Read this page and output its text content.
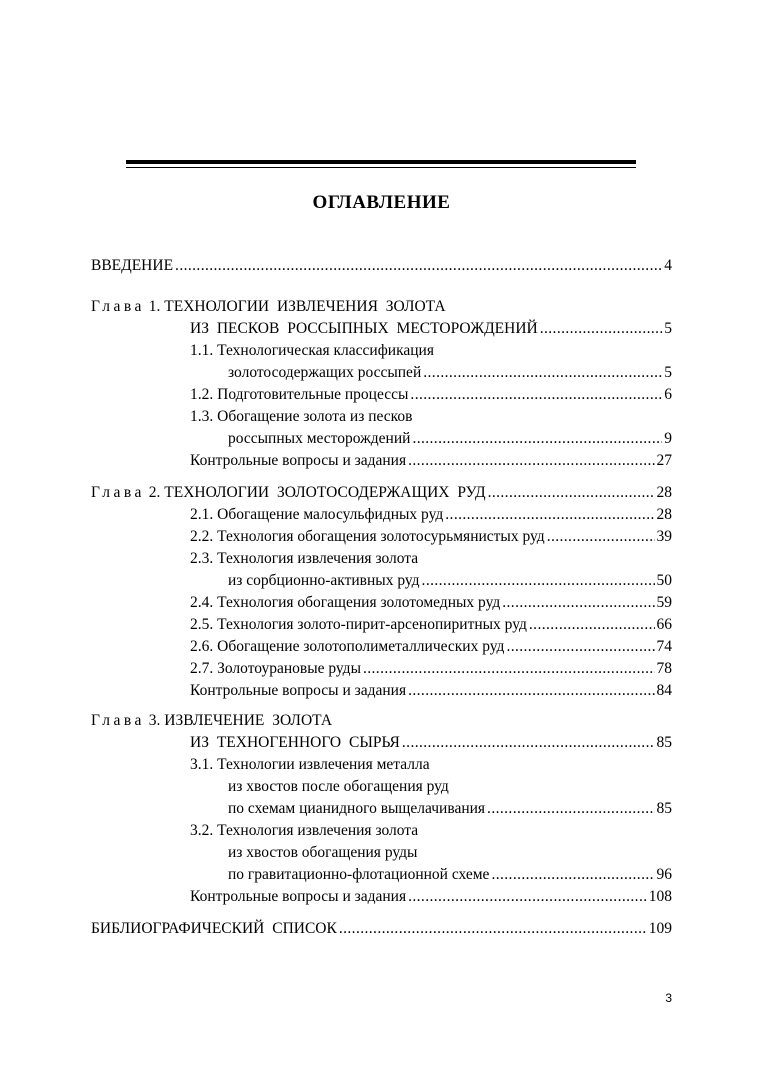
ОГЛАВЛЕНИЕ
ВВЕДЕНИЕ .....	4
Глава 1. ТЕХНОЛОГИИ ИЗВЛЕЧЕНИЯ ЗОЛОТА
ИЗ ПЕСКОВ РОССЫПНЫХ МЕСТОРОЖДЕНИЙ .....	5
1.1. Технологическая классификация
золотосодержащих россыпей .....	5
1.2. Подготовительные процессы .....	6
1.3. Обогащение золота из песков
россыпных месторождений .....	9
Контрольные вопросы и задания .....	27
Глава 2. ТЕХНОЛОГИИ ЗОЛОТОСОДЕРЖАЩИХ РУД .....	28
2.1. Обогащение малосульфидных руд .....	28
2.2. Технология обогащения золотосурьмянистых руд .....	39
2.3. Технология извлечения золота
из сорбционно-активных руд .....	50
2.4. Технология обогащения золотомедных руд .....	59
2.5. Технология золото-пирит-арсенопиритных руд .....	66
2.6. Обогащение золотополиметаллических руд .....	74
2.7. Золотоурановые руды .....	78
Контрольные вопросы и задания .....	84
Глава 3. ИЗВЛЕЧЕНИЕ ЗОЛОТА
ИЗ ТЕХНОГЕННОГО СЫРЬЯ .....	85
3.1. Технологии извлечения металла
из хвостов после обогащения руд
по схемам цианидного выщелачивания .....	85
3.2. Технология извлечения золота
из хвостов обогащения руды
по гравитационно-флотационной схеме .....	96
Контрольные вопросы и задания .....	108
БИБЛИОГРАФИЧЕСКИЙ СПИСОК .....	109
3
